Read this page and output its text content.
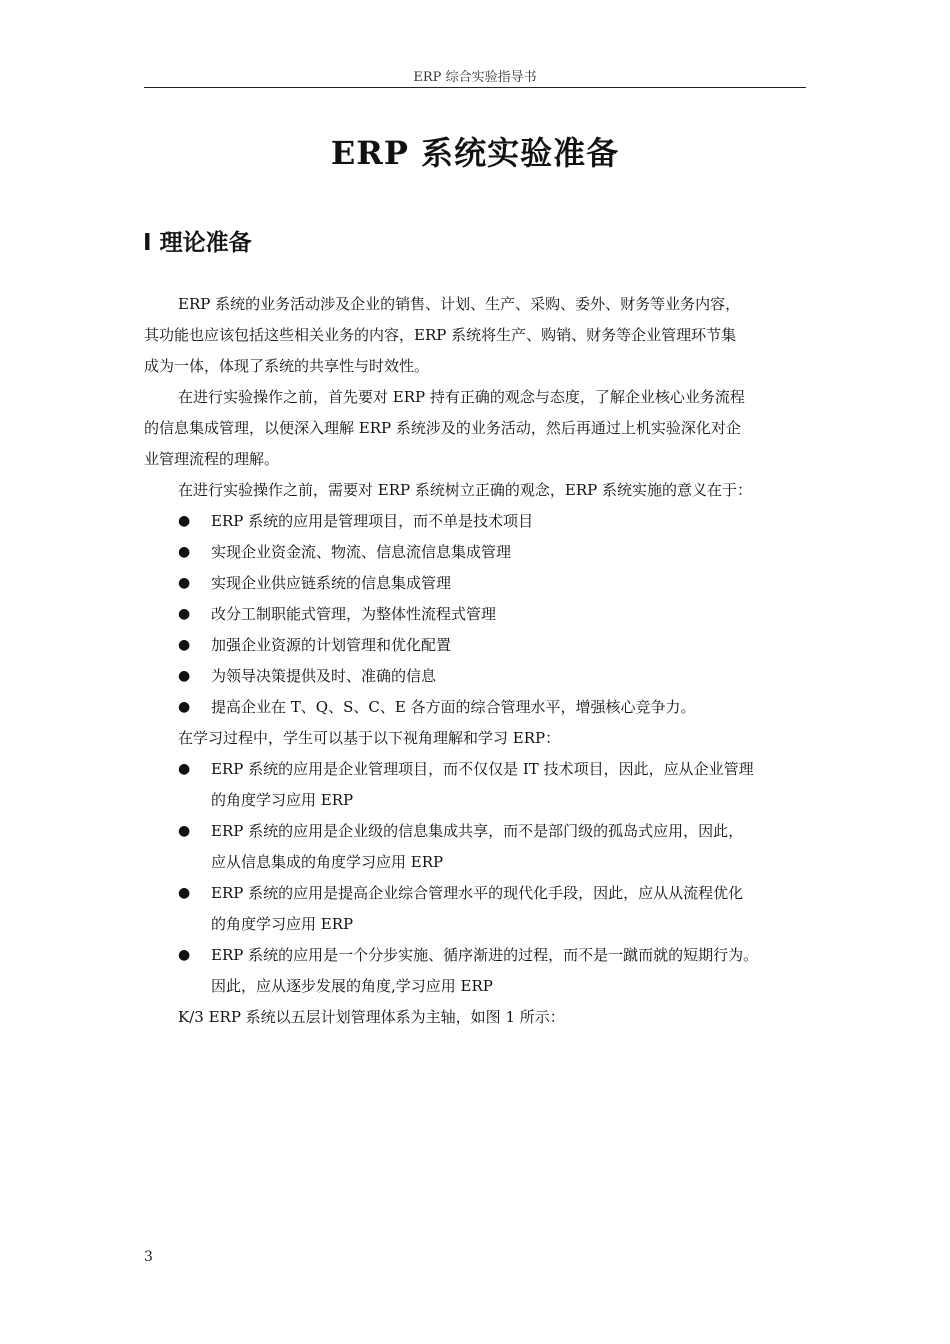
ERP 综合实验指导书
ERP 系统实验准备
I 理论准备

ERP 系统的业务活动涉及企业的销售、计划、生产、采购、委外、财务等业务内容，
其功能也应该包括这些相关业务的内容，ERP 系统将生产、购销、财务等企业管理环节集
成为一体，体现了系统的共享性与时效性。

在进行实验操作之前，首先要对 ERP 持有正确的观念与态度，了解企业核心业务流程
的信息集成管理，以便深入理解 ERP 系统涉及的业务活动，然后再通过上机实验深化对企
业管理流程的理解。

在进行实验操作之前，需要对 ERP 系统树立正确的观念，ERP 系统实施的意义在于：

● ERP 系统的应用是管理项目，而不单是技术项目
● 实现企业资金流、物流、信息流信息集成管理
● 实现企业供应链系统的信息集成管理
● 改分工制职能式管理，为整体性流程式管理
● 加强企业资源的计划管理和优化配置
● 为领导决策提供及时、准确的信息
● 提高企业在 T、Q、S、C、E 各方面的综合管理水平，增强核心竞争力。

在学习过程中，学生可以基于以下视角理解和学习 ERP：

● ERP 系统的应用是企业管理项目，而不仅仅是 IT 技术项目，因此，应从企业管理
的角度学习应用 ERP
● ERP 系统的应用是企业级的信息集成共享，而不是部门级的孤岛式应用，因此，
应从信息集成的角度学习应用 ERP
● ERP 系统的应用是提高企业综合管理水平的现代化手段，因此，应从从流程优化
的角度学习应用 ERP
● ERP 系统的应用是一个分步实施、循序渐进的过程，而不是一蹴而就的短期行为。
因此，应从逐步发展的角度,学习应用 ERP

K/3 ERP 系统以五层计划管理体系为主轴，如图 1 所示：

3
